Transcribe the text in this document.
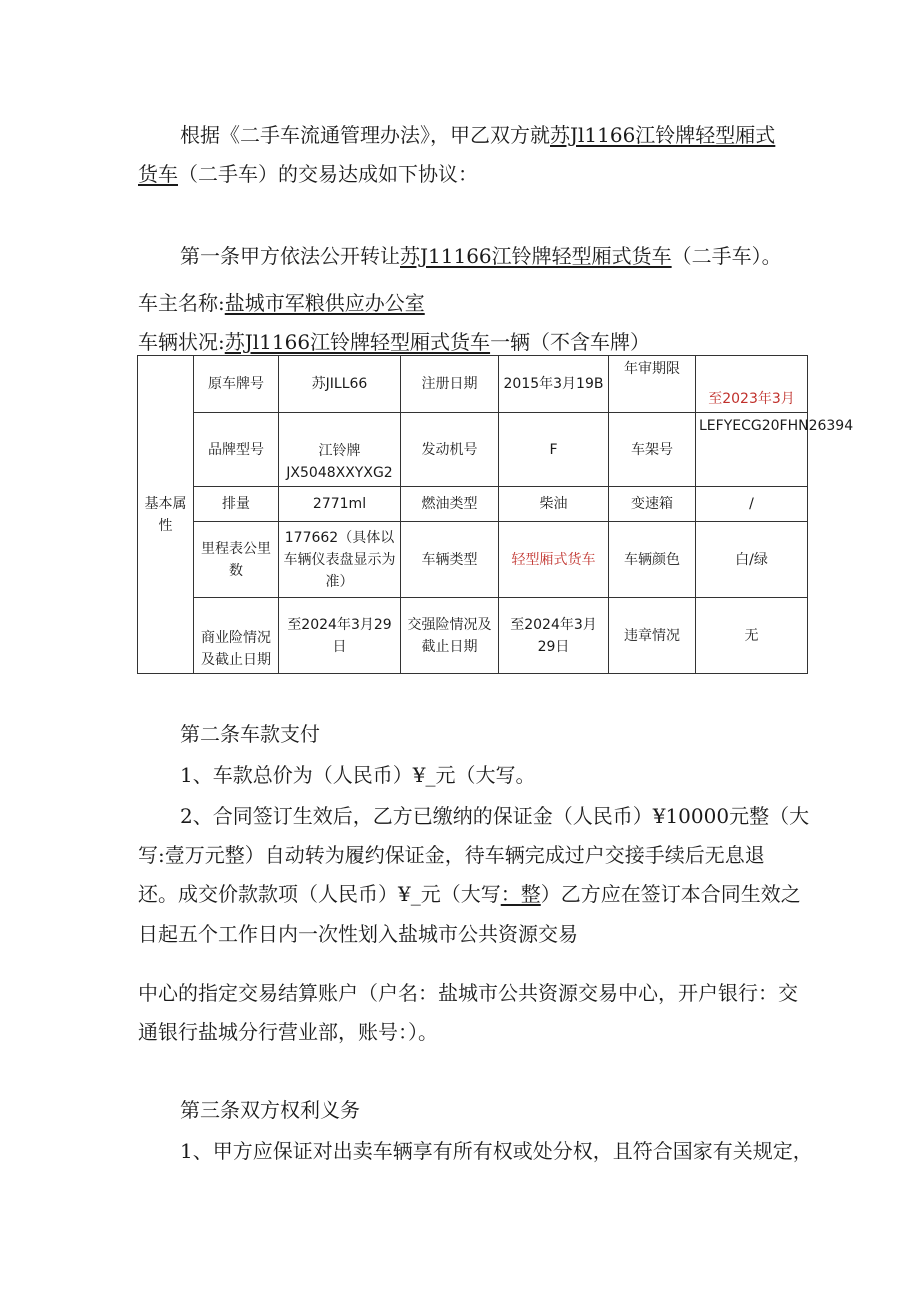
根据《二手车流通管理办法》，甲乙双方就苏Jl1166江铃牌轻型厢式
货车（二手车）的交易达成如下协议：
第一条甲方依法公开转让苏J11166江铃牌轻型厢式货车（二手车）。
车主名称:盐城市军粮供应办公室
车辆状况:苏Jl1166江铃牌轻型厢式货车一辆（不含车牌）
基本属性	原车牌号	苏JILL66	注册日期	2015年3月19B	年审期限	至2023年3月
	品牌型号	江铃牌JX5048XXYXG2	发动机号	F	车架号	LEFYECG20FHN26394
	排量	2771ml	燃油类型	柴油	变速箱	/
	里程表公里数	177662（具体以车辆仪表盘显示为准）	车辆类型	轻型厢式货车	车辆颜色	白/绿
	商业险情况及截止日期	至2024年3月29日	交强险情况及截止日期	至2024年3月29日	违章情况	无
第二条车款支付
1、车款总价为（人民币）¥_元（大写。
2、合同签订生效后，乙方已缴纳的保证金（人民币）¥10000元整（大
写:壹万元整）自动转为履约保证金，待车辆完成过户交接手续后无息退
还。成交价款款项（人民币）¥_元（大写：整）乙方应在签订本合同生效之
日起五个工作日内一次性划入盐城市公共资源交易
中心的指定交易结算账户（户名：盐城市公共资源交易中心，开户银行：交
通银行盐城分行营业部，账号：）。
第三条双方权利义务
1、甲方应保证对出卖车辆享有所有权或处分权，且符合国家有关规定，
